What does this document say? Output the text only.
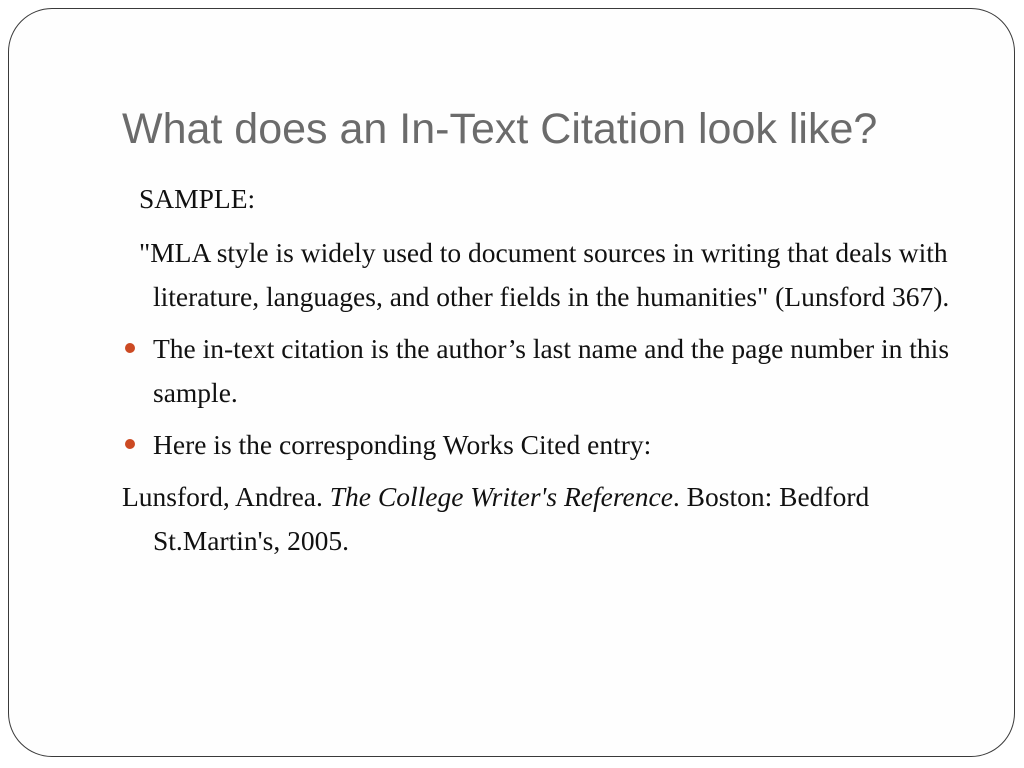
What does an In-Text Citation look like?

SAMPLE:

"MLA style is widely used to document sources in writing that deals with literature, languages, and other fields in the humanities" (Lunsford 367).

The in-text citation is the author’s last name and the page number in this sample.
Here is the corresponding Works Cited entry:

Lunsford, Andrea. The College Writer's Reference. Boston: Bedford St.Martin's, 2005.
